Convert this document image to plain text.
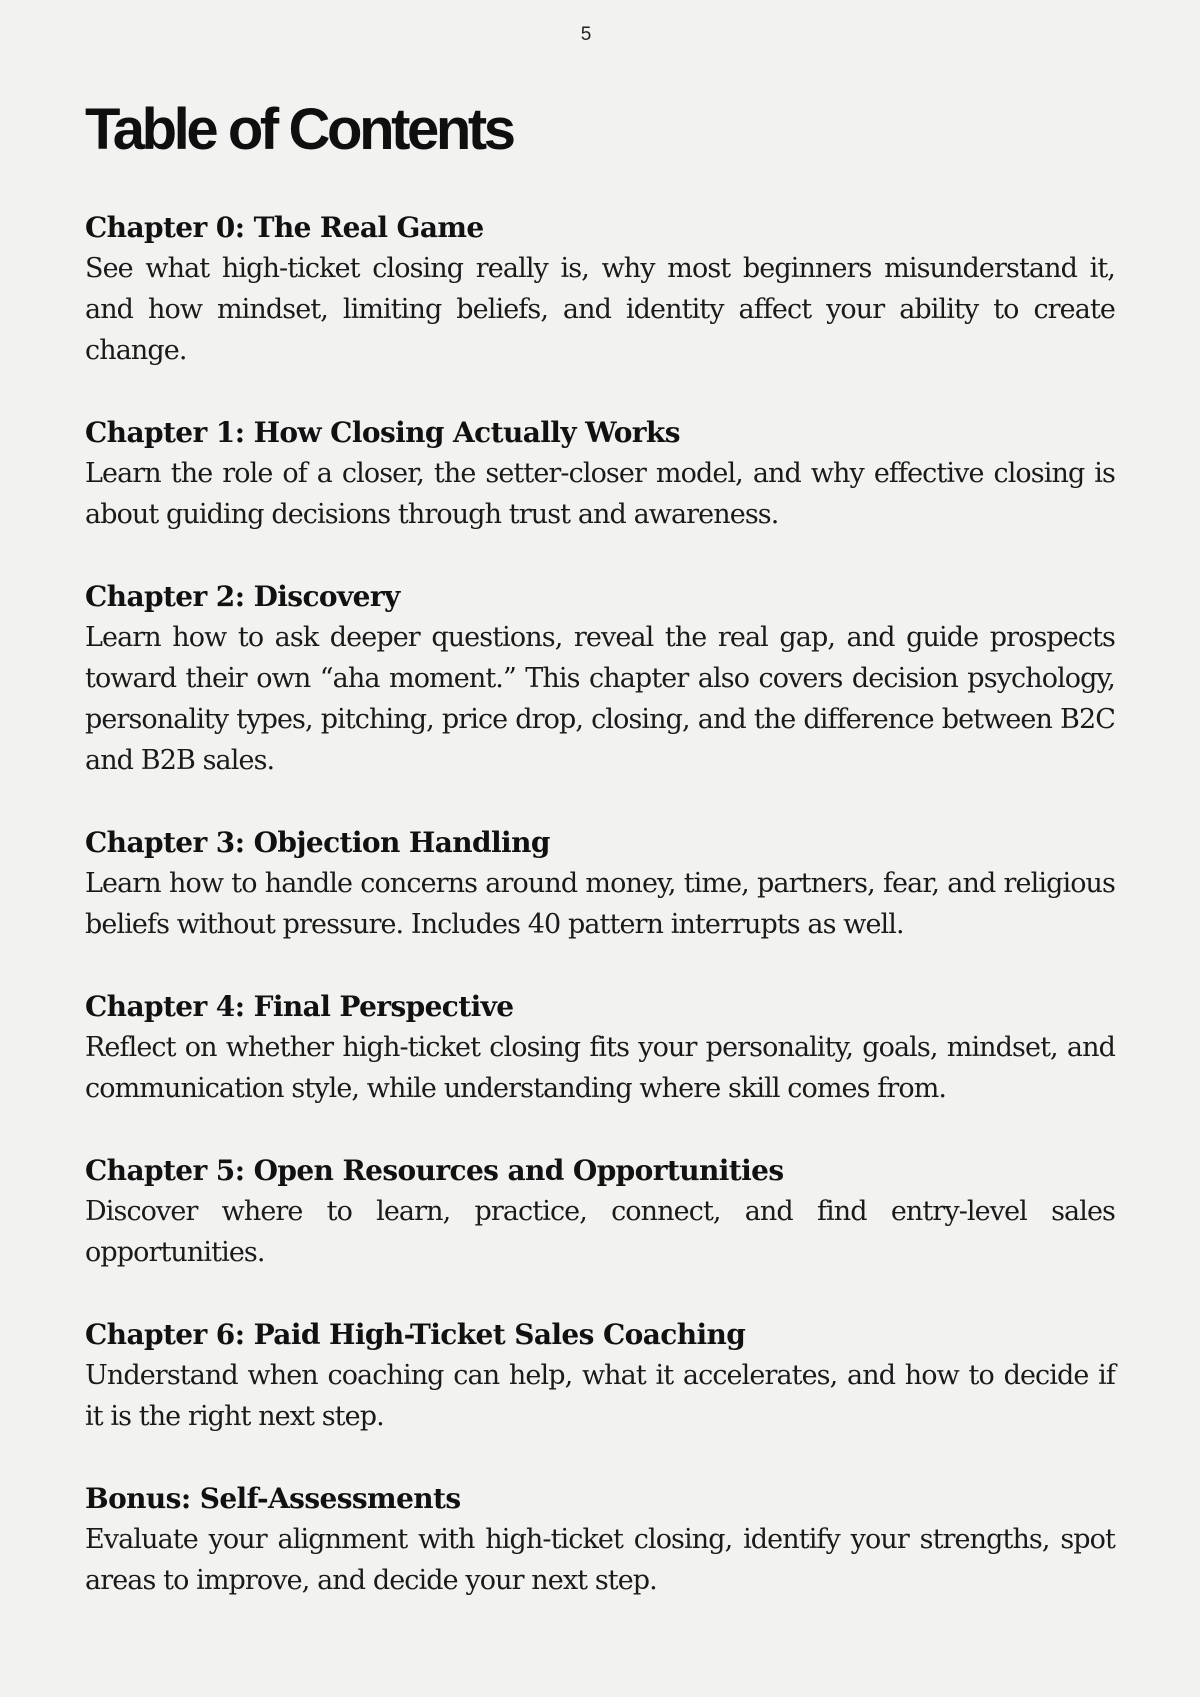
5
Table of Contents

Chapter 0: The Real Game

See what high-ticket closing really is, why most beginners misunderstand it, and how mindset, limiting beliefs, and identity affect your ability to create change.

Chapter 1: How Closing Actually Works

Learn the role of a closer, the setter-closer model, and why effective closing is about guiding decisions through trust and awareness.

Chapter 2: Discovery

Learn how to ask deeper questions, reveal the real gap, and guide prospects toward their own “aha moment.” This chapter also covers decision psychology, personality types, pitching, price drop, closing, and the difference between B2C and B2B sales.

Chapter 3: Objection Handling

Learn how to handle concerns around money, time, partners, fear, and religious beliefs without pressure. Includes 40 pattern interrupts as well.

Chapter 4: Final Perspective

Reflect on whether high-ticket closing fits your personality, goals, mindset, and communication style, while understanding where skill comes from.

Chapter 5: Open Resources and Opportunities

Discover where to learn, practice, connect, and find entry-level sales opportunities.

Chapter 6: Paid High-Ticket Sales Coaching

Understand when coaching can help, what it accelerates, and how to decide if it is the right next step.

Bonus: Self-Assessments

Evaluate your alignment with high-ticket closing, identify your strengths, spot areas to improve, and decide your next step.
